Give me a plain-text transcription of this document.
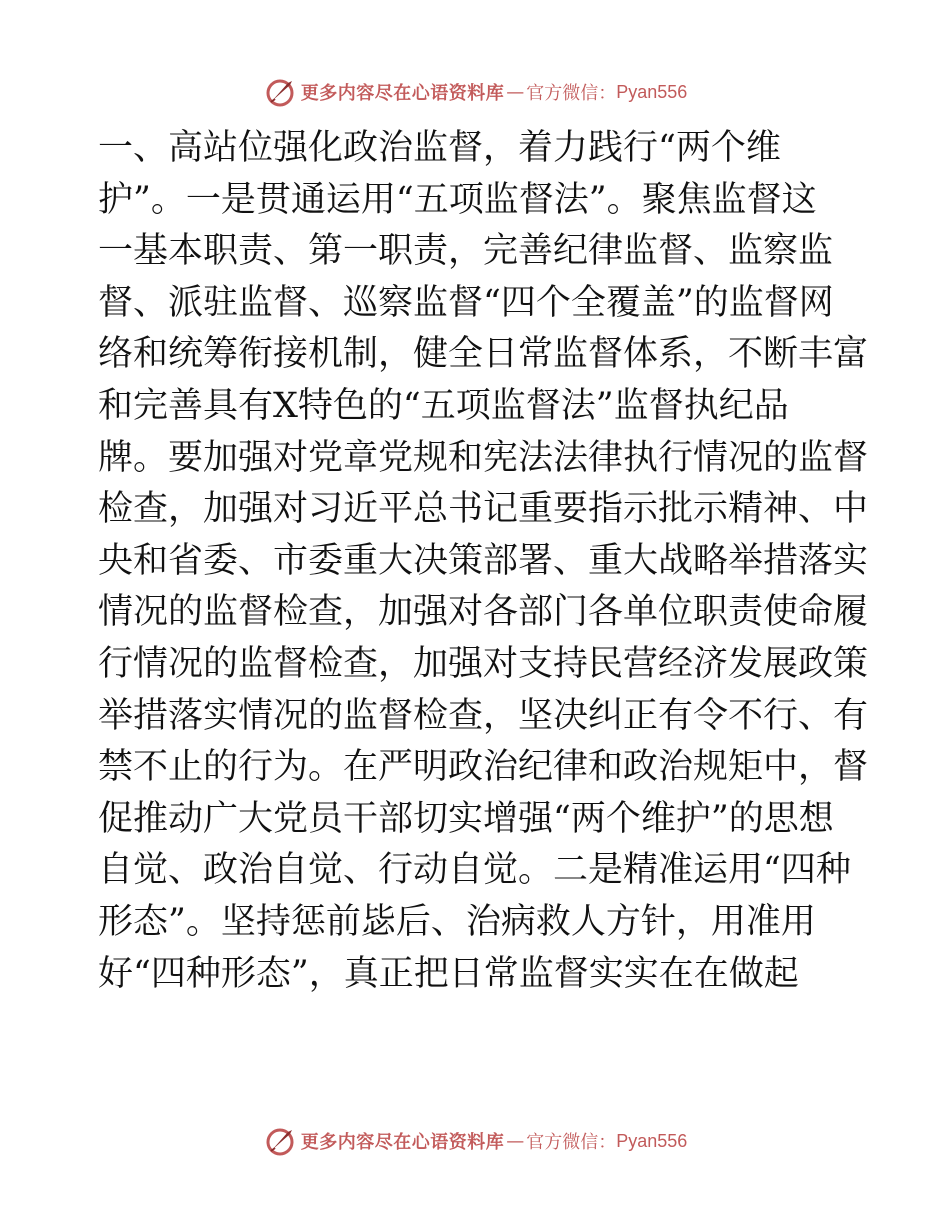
更多内容尽在心语资料库 — 官方微信： Pyan556
一、高站位强化政治监督，着力践行“两个维
护”。一是贯通运用“五项监督法”。聚焦监督这
一基本职责、第一职责，完善纪律监督、监察监
督、派驻监督、巡察监督“四个全覆盖”的监督网
络和统筹衔接机制，健全日常监督体系，不断丰富
和完善具有X特色的“五项监督法”监督执纪品
牌。要加强对党章党规和宪法法律执行情况的监督
检查，加强对习近平总书记重要指示批示精神、中
央和省委、市委重大决策部署、重大战略举措落实
情况的监督检查，加强对各部门各单位职责使命履
行情况的监督检查，加强对支持民营经济发展政策
举措落实情况的监督检查，坚决纠正有令不行、有
禁不止的行为。在严明政治纪律和政治规矩中，督
促推动广大党员干部切实增强“两个维护”的思想
自觉、政治自觉、行动自觉。二是精准运用“四种
形态”。坚持惩前毖后、治病救人方针，用准用
好“四种形态”，真正把日常监督实实在在做起
更多内容尽在心语资料库 — 官方微信： Pyan556
